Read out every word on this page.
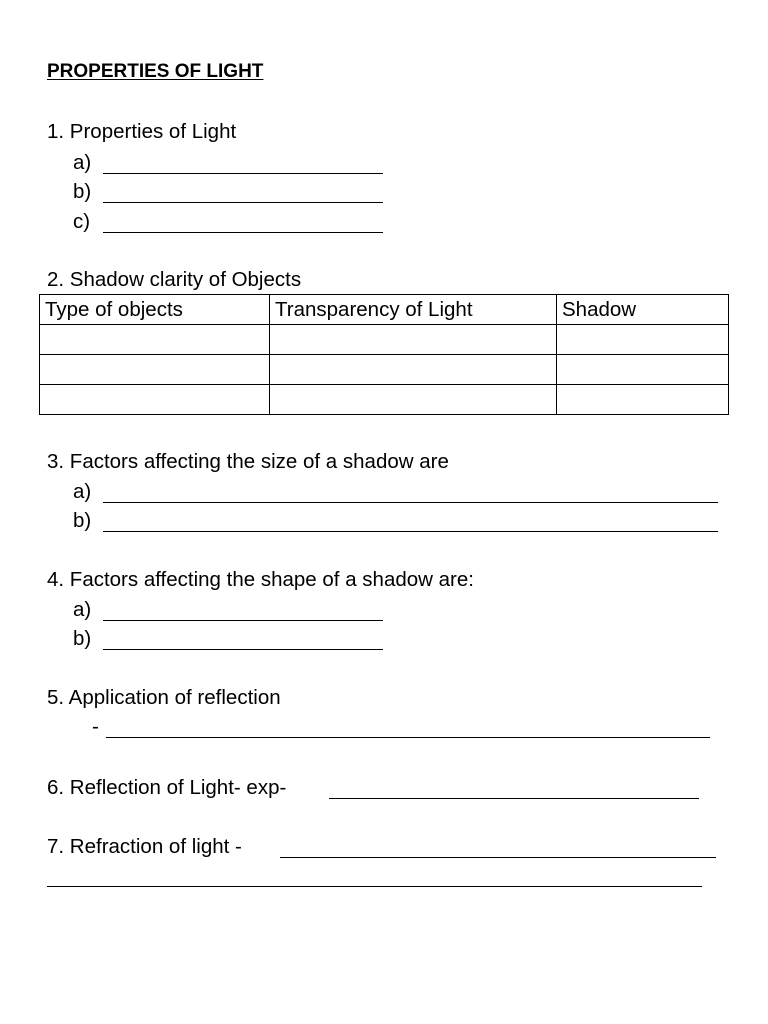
PROPERTIES OF LIGHT
1. Properties of Light
a)
b)
c)
2. Shadow clarity of Objects
Type of objects	Transparency of Light	Shadow

3. Factors affecting the size of a shadow are
a)
b)
4. Factors affecting the shape of a shadow are:
a)
b)
5. Application of reflection
-
6. Reflection of Light- exp-
7. Refraction of light -
